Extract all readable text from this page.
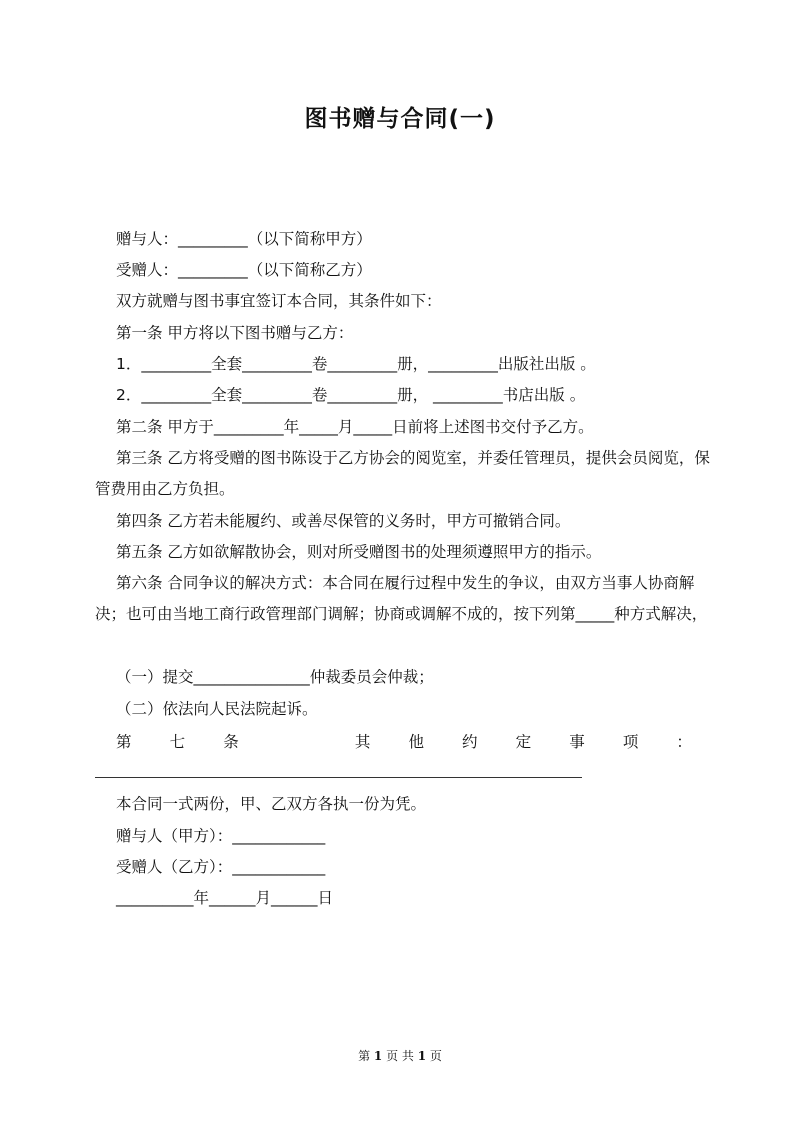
图书赠与合同(一)
赠与人：_________（以下简称甲方）
受赠人：_________（以下简称乙方）
双方就赠与图书事宜签订本合同，其条件如下：
第一条 甲方将以下图书赠与乙方：
1．_________全套_________卷_________册，_________出版社出版 。
2．_________全套_________卷_________册， _________书店出版 。
第二条 甲方于_________年_____月_____日前将上述图书交付予乙方。
第三条 乙方将受赠的图书陈设于乙方协会的阅览室，并委任管理员，提供会员阅览，保管费用由乙方负担。
第四条 乙方若未能履约、或善尽保管的义务时，甲方可撤销合同。
第五条 乙方如欲解散协会，则对所受赠图书的处理须遵照甲方的指示。
第六条 合同争议的解决方式：本合同在履行过程中发生的争议，由双方当事人协商解决；也可由当地工商行政管理部门调解；协商或调解不成的，按下列第_____种方式解决，
（一）提交_______________仲裁委员会仲裁；
（二）依法向人民法院起诉。
第 七 条	其 他 约 定 事 项 ：
本合同一式两份，甲、乙双方各执一份为凭。
赠与人（甲方）：____________
受赠人（乙方）：____________
__________年______月______日
第 1 页 共 1 页
